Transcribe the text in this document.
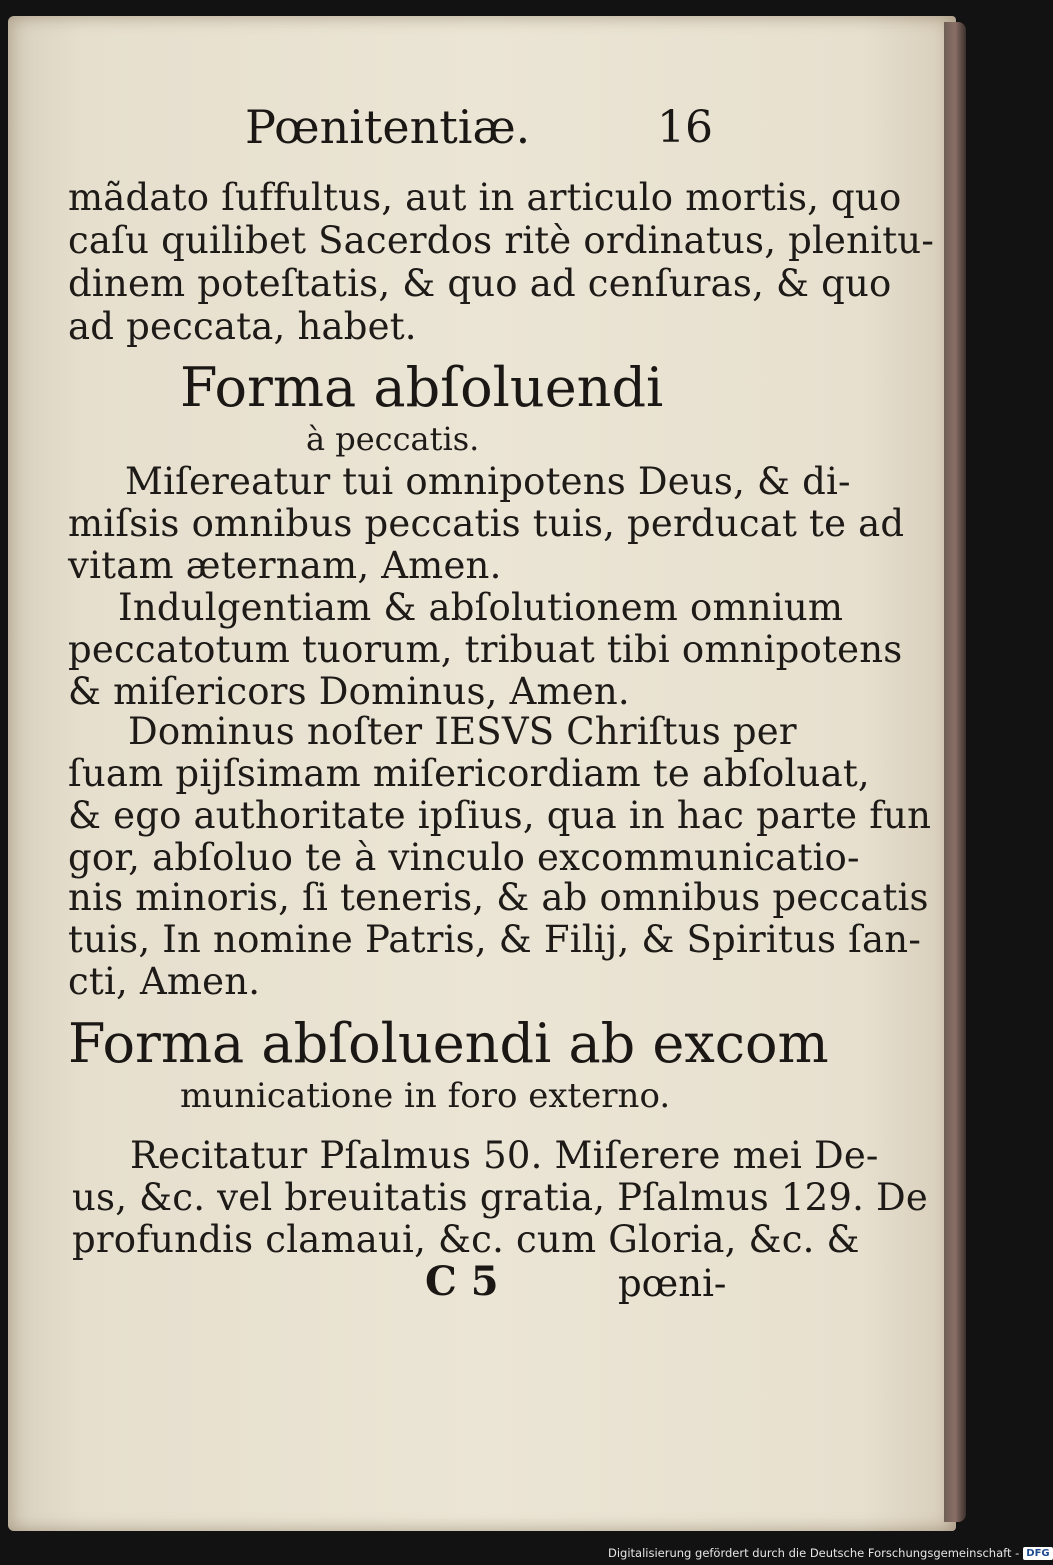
Pœnitentiæ.	16
mãdato ſuffultus, aut in articulo mortis, quo
caſu quilibet Sacerdos ritè ordinatus, plenitu-
dinem poteſtatis, & quo ad cenſuras, & quo
ad peccata, habet.
Forma abſoluendi
à peccatis.
Miſereatur tui omnipotens Deus, & di-
miſsis omnibus peccatis tuis, perducat te ad
vitam æternam, Amen.
Indulgentiam & abſolutionem omnium
peccatotum tuorum, tribuat tibi omnipotens
& miſericors Dominus, Amen.
Dominus noſter IESVS Chriſtus per
ſuam pijſsimam miſericordiam te abſoluat,
& ego authoritate ipſius, qua in hac parte fun
gor, abſoluo te à vinculo excommunicatio-
nis minoris, ſi teneris, & ab omnibus peccatis
tuis, In nomine Patris, & Filij, & Spiritus ſan-
cti, Amen.
Forma abſoluendi ab excom
municatione in foro externo.
Recitatur Pſalmus 50. Miſerere mei De-
us, &c. vel breuitatis gratia, Pſalmus 129. De
profundis clamaui, &c. cum Gloria, &c. &
C 5	pœni-
Digitalisierung gefördert durch die Deutsche Forschungsgemeinschaft - DFG
